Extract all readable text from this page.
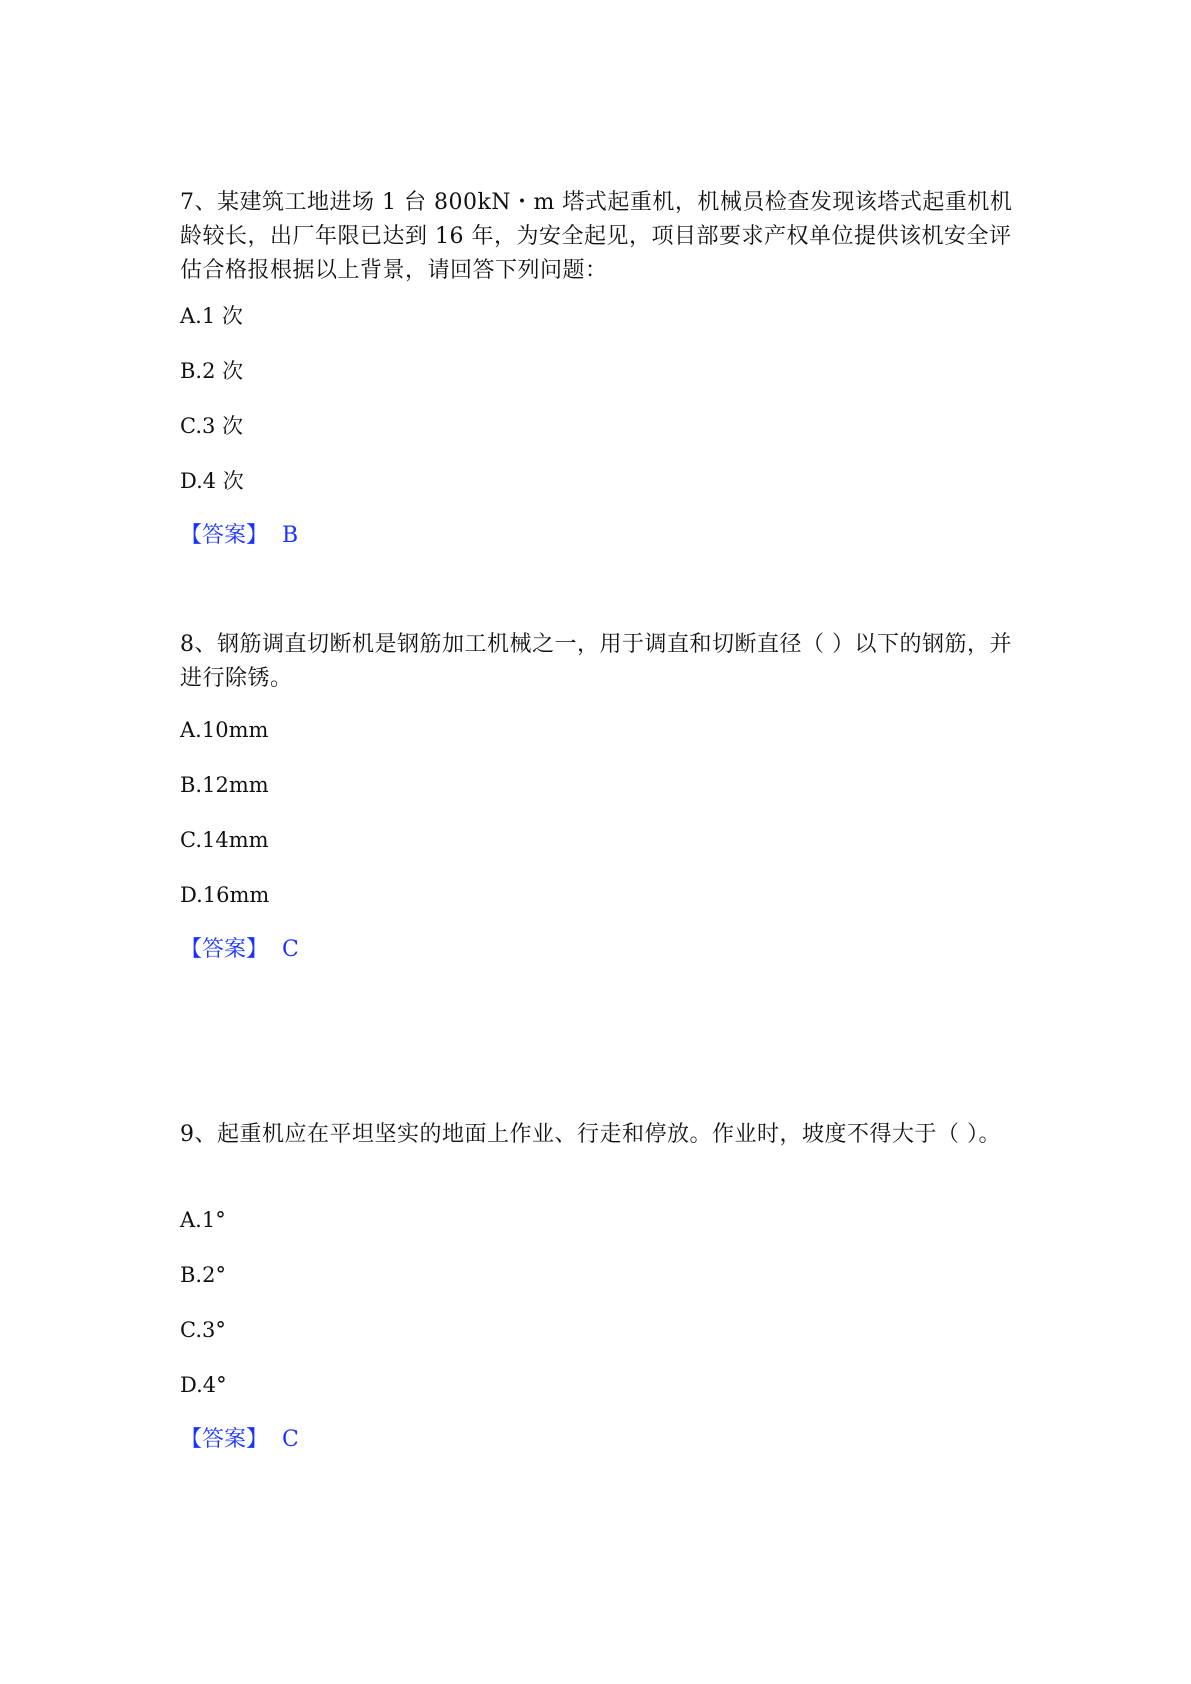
7、某建筑工地进场 1 台 800kN・m 塔式起重机，机械员检查发现该塔式起重机机龄较长，出厂年限已达到 16 年，为安全起见，项目部要求产权单位提供该机安全评估合格报根据以上背景，请回答下列问题：

A.1 次

B.2 次

C.3 次

D.4 次

【答案】 B

8、钢筋调直切断机是钢筋加工机械之一，用于调直和切断直径（ ）以下的钢筋，并进行除锈。

A.10mm

B.12mm

C.14mm

D.16mm

【答案】 C

9、起重机应在平坦坚实的地面上作业、行走和停放。作业时，坡度不得大于（ ）。

A.1°

B.2°

C.3°

D.4°

【答案】 C
